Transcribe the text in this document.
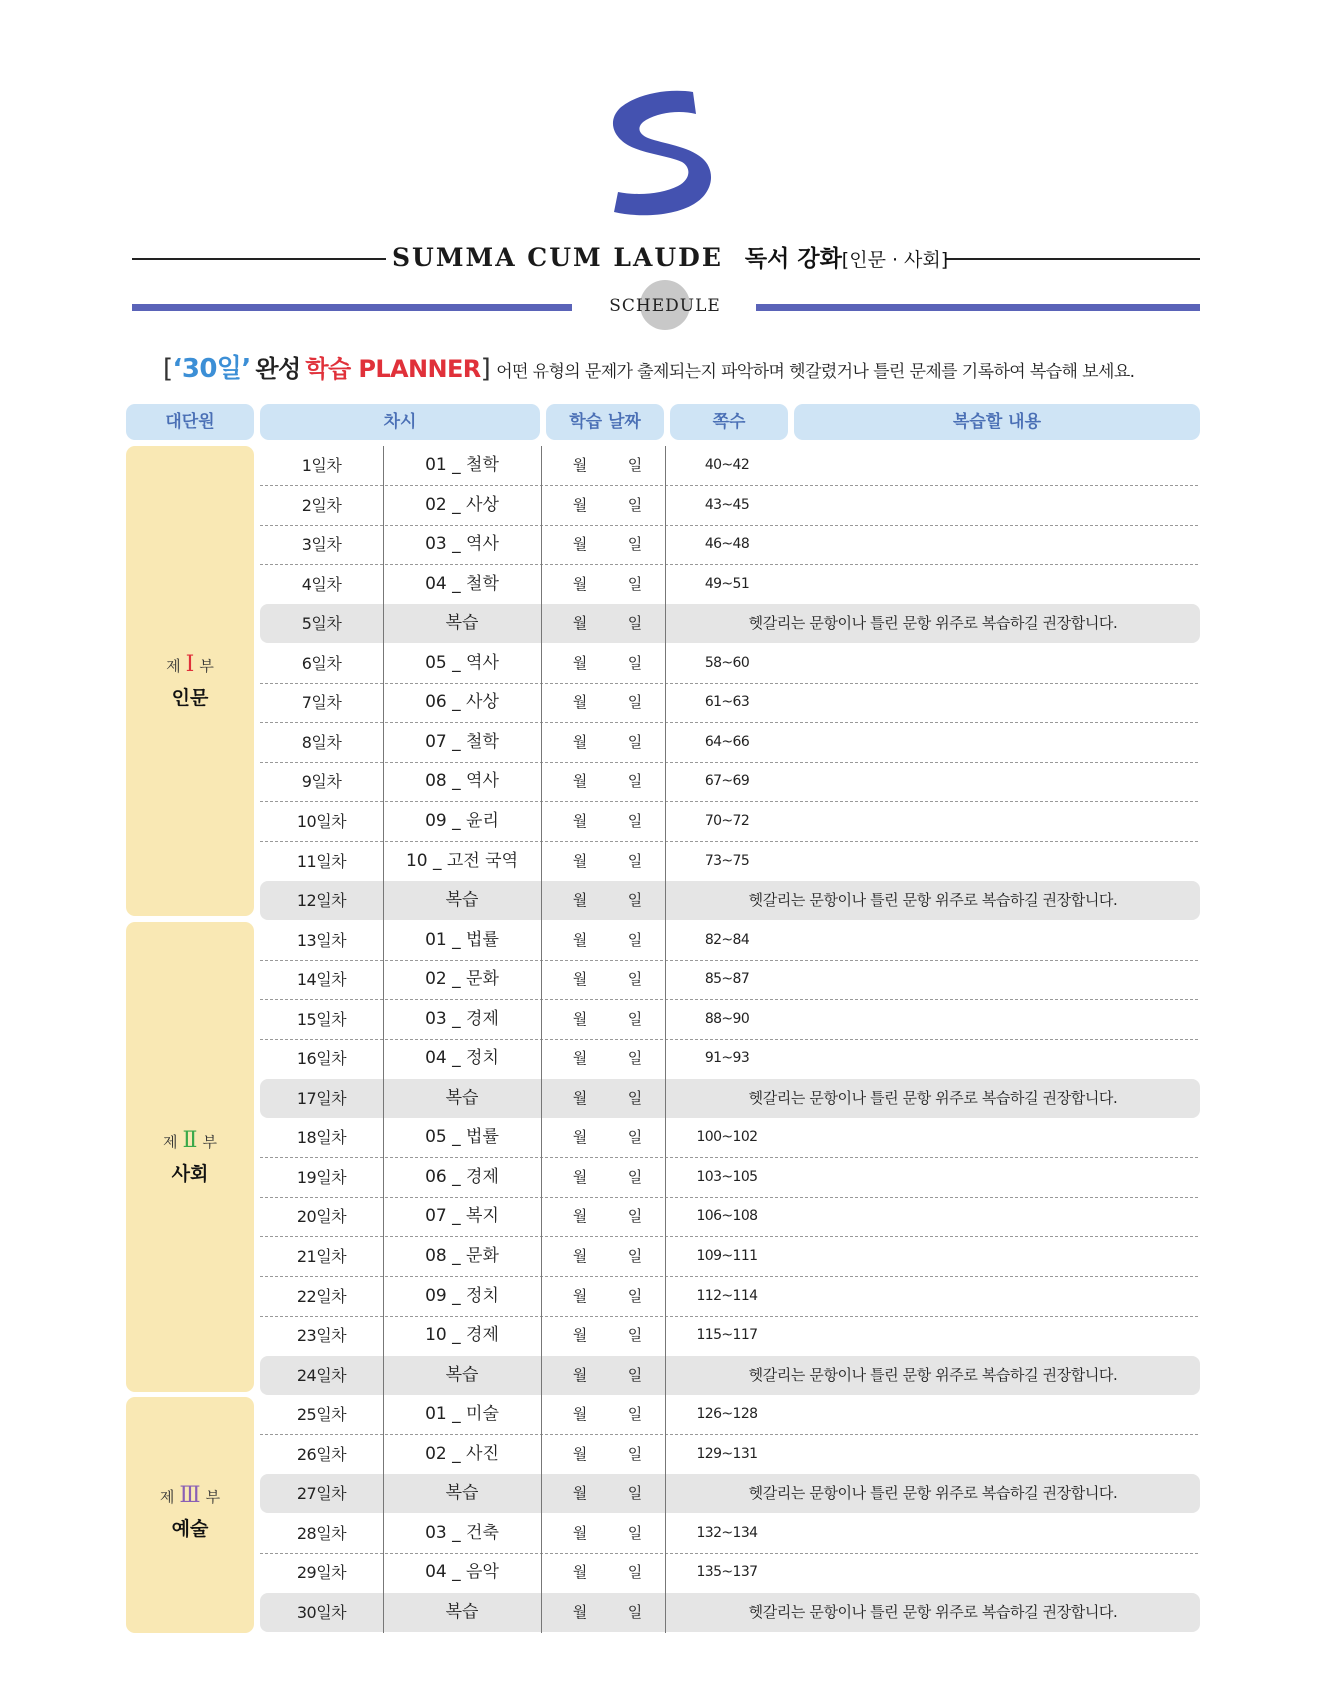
SUMMA CUM LAUDE 독서 강화[인문 · 사회]
SCHEDULE
[‘30일’ 완성 학습 PLANNER] 어떤 유형의 문제가 출제되는지 파악하며 헷갈렸거나 틀린 문제를 기록하여 복습해 보세요.
대단원	차시	학습 날짜	쪽수	복습할 내용
제 Ⅰ 부
인문
제 Ⅱ 부
사회
제 Ⅲ 부
예술
1일차	01 _ 철학	월	일	40~42
2일차	02 _ 사상	월	일	43~45
3일차	03 _ 역사	월	일	46~48
4일차	04 _ 철학	월	일	49~51
5일차	복습	월	일	헷갈리는 문항이나 틀린 문항 위주로 복습하길 권장합니다.
6일차	05 _ 역사	월	일	58~60
7일차	06 _ 사상	월	일	61~63
8일차	07 _ 철학	월	일	64~66
9일차	08 _ 역사	월	일	67~69
10일차	09 _ 윤리	월	일	70~72
11일차	10 _ 고전 국역	월	일	73~75
12일차	복습	월	일	헷갈리는 문항이나 틀린 문항 위주로 복습하길 권장합니다.
13일차	01 _ 법률	월	일	82~84
14일차	02 _ 문화	월	일	85~87
15일차	03 _ 경제	월	일	88~90
16일차	04 _ 정치	월	일	91~93
17일차	복습	월	일	헷갈리는 문항이나 틀린 문항 위주로 복습하길 권장합니다.
18일차	05 _ 법률	월	일	100~102
19일차	06 _ 경제	월	일	103~105
20일차	07 _ 복지	월	일	106~108
21일차	08 _ 문화	월	일	109~111
22일차	09 _ 정치	월	일	112~114
23일차	10 _ 경제	월	일	115~117
24일차	복습	월	일	헷갈리는 문항이나 틀린 문항 위주로 복습하길 권장합니다.
25일차	01 _ 미술	월	일	126~128
26일차	02 _ 사진	월	일	129~131
27일차	복습	월	일	헷갈리는 문항이나 틀린 문항 위주로 복습하길 권장합니다.
28일차	03 _ 건축	월	일	132~134
29일차	04 _ 음악	월	일	135~137
30일차	복습	월	일	헷갈리는 문항이나 틀린 문항 위주로 복습하길 권장합니다.
